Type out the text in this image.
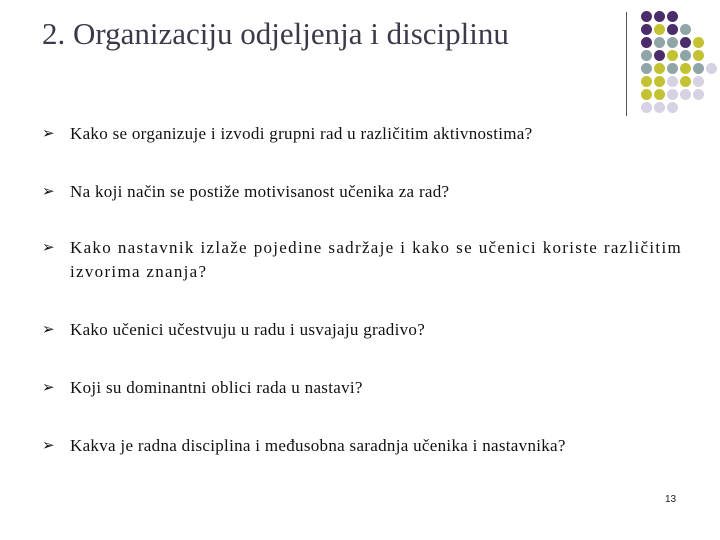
2. Organizaciju odjeljenja i disciplinu
➢ Kako se organizuje i izvodi grupni rad u različitim aktivnostima?
➢ Na koji način se postiže motivisanost učenika za rad?
➢ Kako nastavnik izlaže pojedine sadržaje i kako se učenici koriste različitim izvorima znanja?
➢ Kako učenici učestvuju u radu i usvajaju gradivo?
➢ Koji su dominantni oblici rada u nastavi?
➢ Kakva je radna disciplina i međusobna saradnja učenika i nastavnika?
13
